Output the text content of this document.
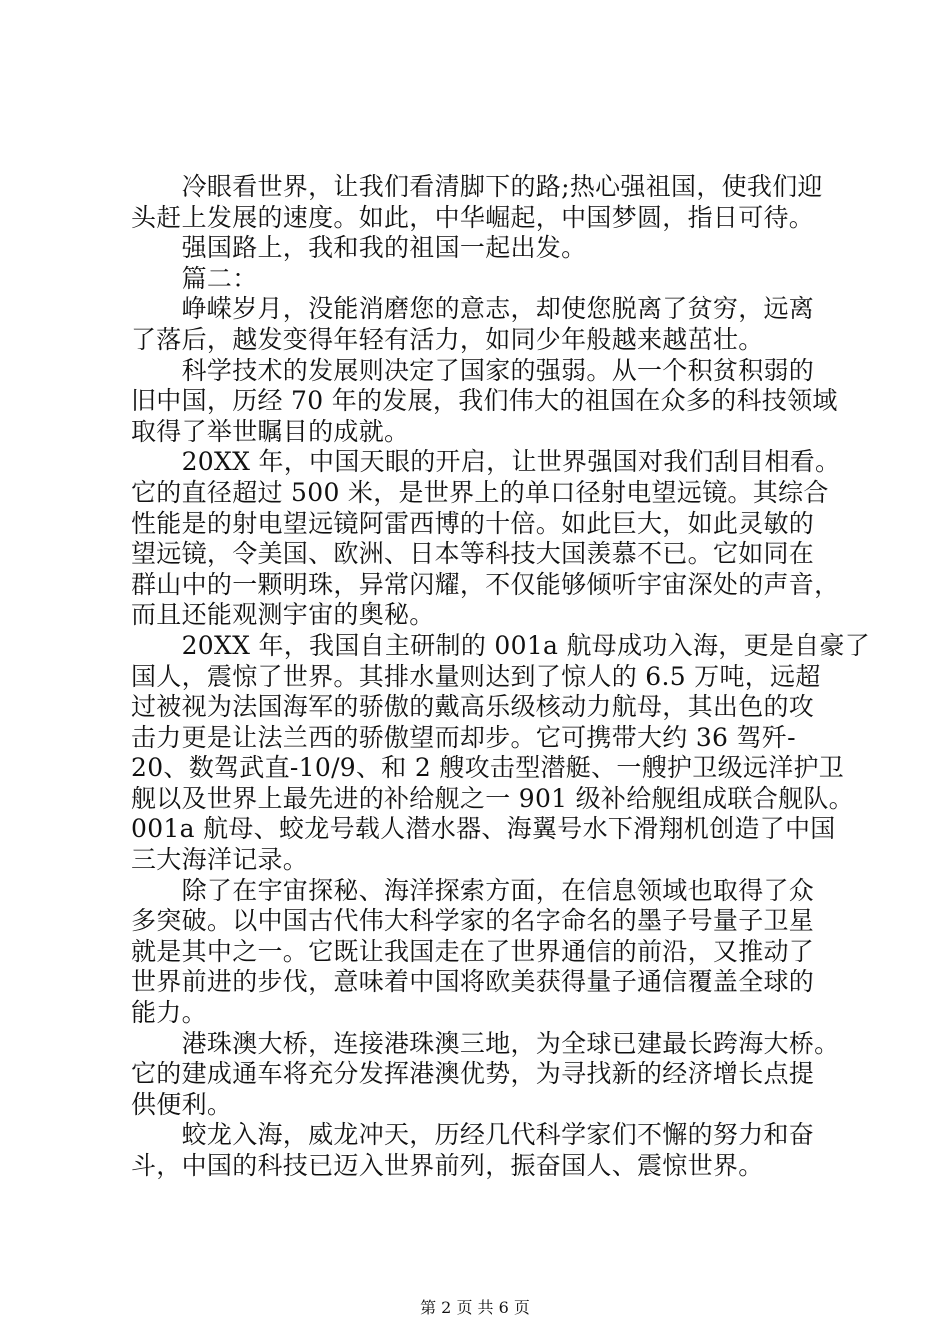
　　冷眼看世界，让我们看清脚下的路;热心强祖国，使我们迎
头赶上发展的速度。如此，中华崛起，中国梦圆，指日可待。
　　强国路上，我和我的祖国一起出发。
　　篇二：
　　峥嵘岁月，没能消磨您的意志，却使您脱离了贫穷，远离
了落后，越发变得年轻有活力，如同少年般越来越茁壮。
　　科学技术的发展则决定了国家的强弱。从一个积贫积弱的
旧中国，历经 70 年的发展，我们伟大的祖国在众多的科技领域
取得了举世瞩目的成就。
　　20XX 年，中国天眼的开启，让世界强国对我们刮目相看。
它的直径超过 500 米，是世界上的单口径射电望远镜。其综合
性能是的射电望远镜阿雷西博的十倍。如此巨大，如此灵敏的
望远镜，令美国、欧洲、日本等科技大国羡慕不已。它如同在
群山中的一颗明珠，异常闪耀，不仅能够倾听宇宙深处的声音，
而且还能观测宇宙的奥秘。
　　20XX 年，我国自主研制的 001a 航母成功入海，更是自豪了
国人，震惊了世界。其排水量则达到了惊人的 6.5 万吨，远超
过被视为法国海军的骄傲的戴高乐级核动力航母，其出色的攻
击力更是让法兰西的骄傲望而却步。它可携带大约 36 驾歼-
20、数驾武直-10/9、和 2 艘攻击型潜艇、一艘护卫级远洋护卫
舰以及世界上最先进的补给舰之一 901 级补给舰组成联合舰队。
001a 航母、蛟龙号载人潜水器、海翼号水下滑翔机创造了中国
三大海洋记录。
　　除了在宇宙探秘、海洋探索方面，在信息领域也取得了众
多突破。以中国古代伟大科学家的名字命名的墨子号量子卫星
就是其中之一。它既让我国走在了世界通信的前沿，又推动了
世界前进的步伐，意味着中国将欧美获得量子通信覆盖全球的
能力。
　　港珠澳大桥，连接港珠澳三地，为全球已建最长跨海大桥。
它的建成通车将充分发挥港澳优势，为寻找新的经济增长点提
供便利。
　　蛟龙入海，威龙冲天，历经几代科学家们不懈的努力和奋
斗，中国的科技已迈入世界前列，振奋国人、震惊世界。
第 2 页 共 6 页
